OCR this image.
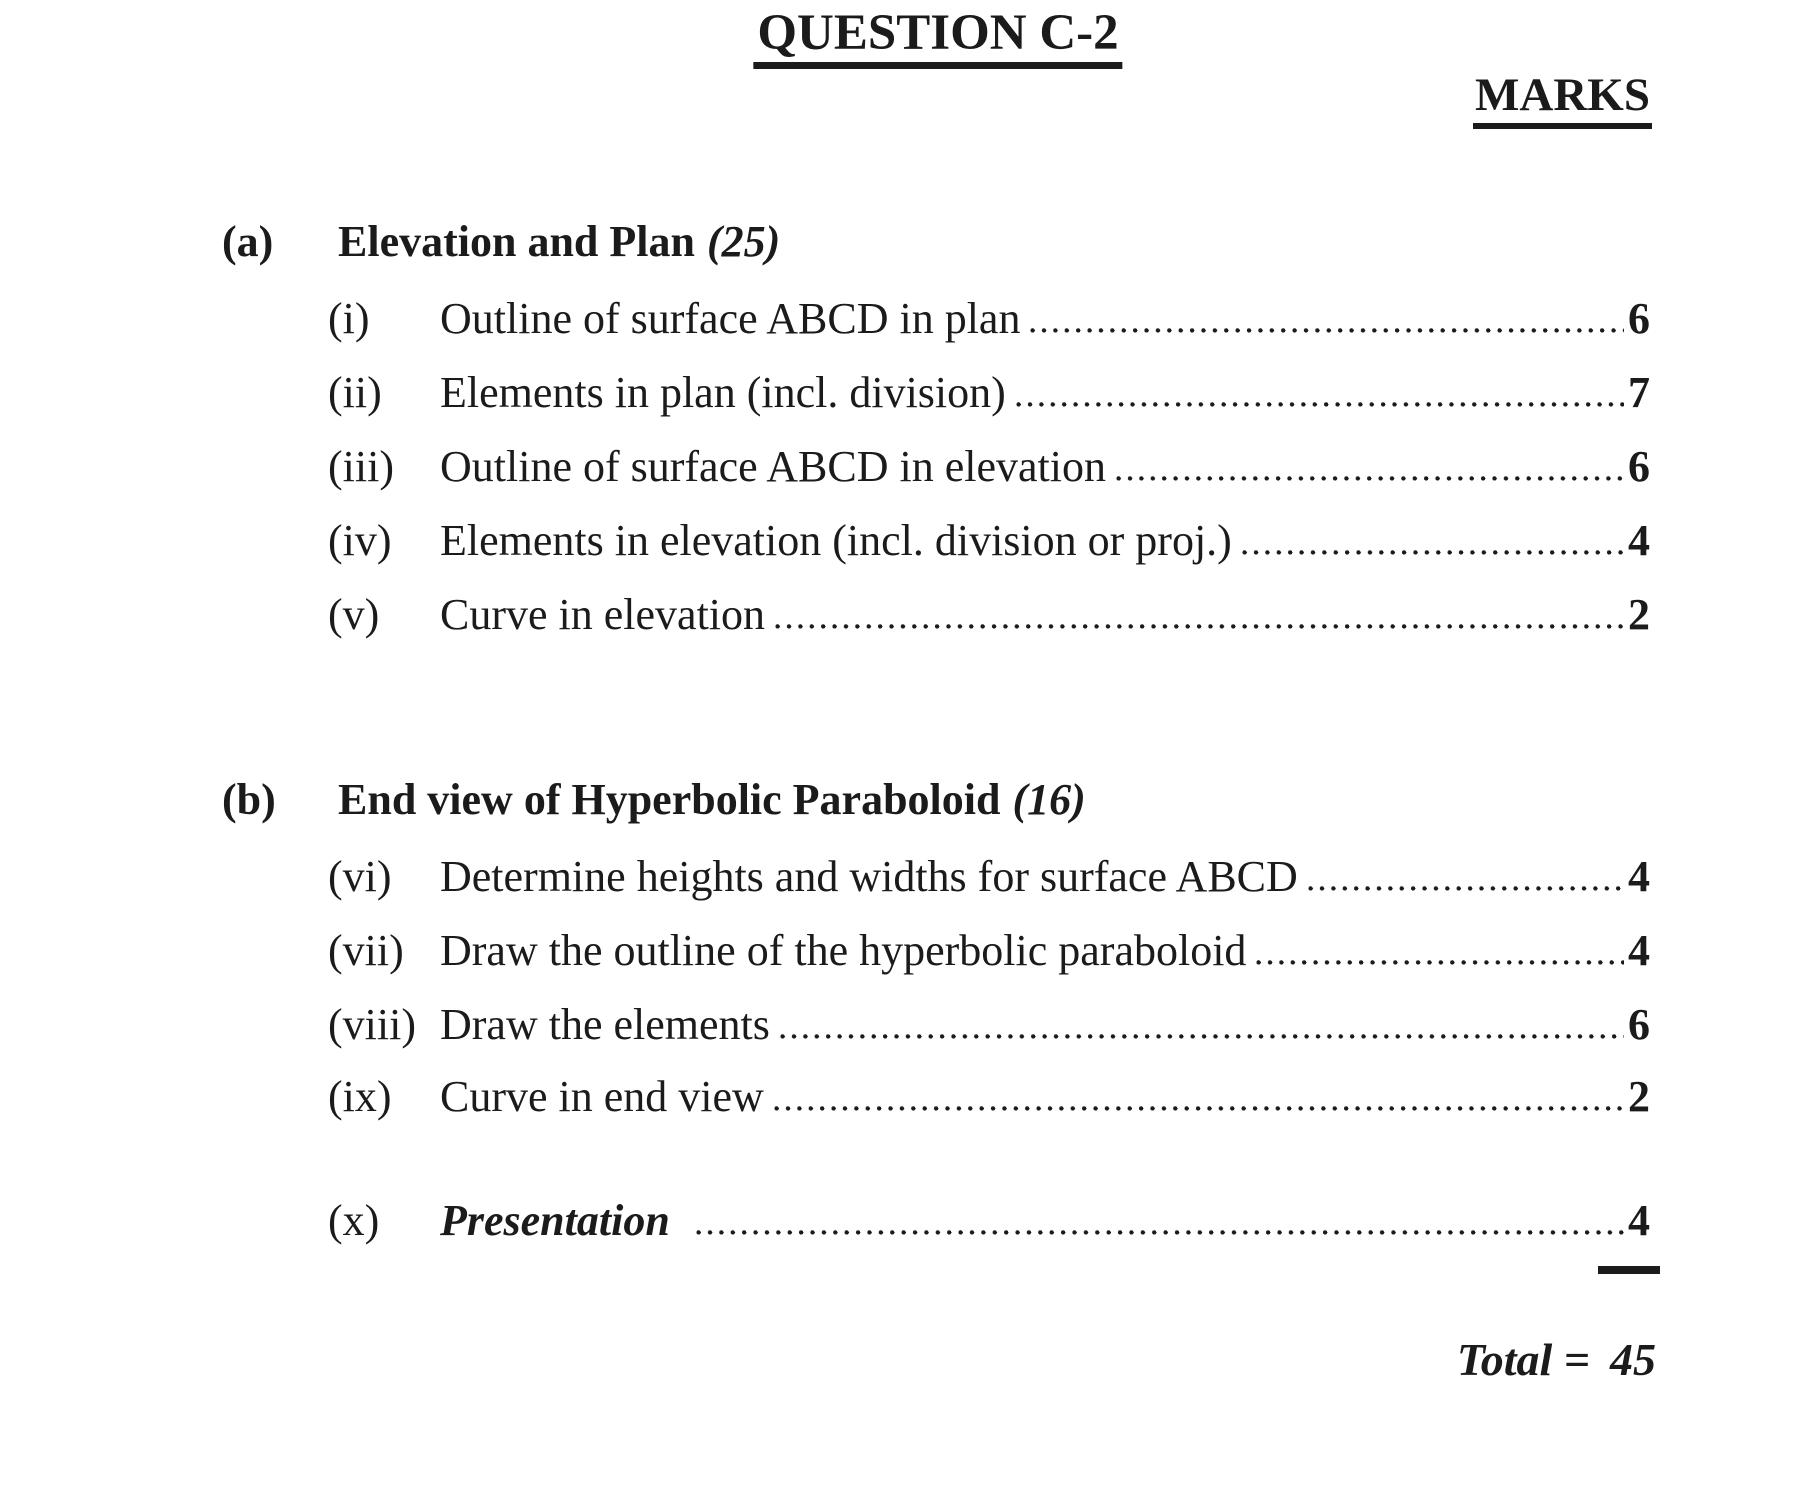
QUESTION C-2
MARKS
(a)	Elevation and Plan (25)
(i)	Outline of surface ABCD in plan	6
(ii)	Elements in plan (incl. division)	7
(iii)	Outline of surface ABCD in elevation	6
(iv)	Elements in elevation (incl. division or proj.)	4
(v)	Curve in elevation	2
(b)	End view of Hyperbolic Paraboloid (16)
(vi)	Determine heights and widths for surface ABCD	4
(vii) Draw the outline of the hyperbolic paraboloid	4
(viii) Draw the elements	6
(ix)	Curve in end view	2
(x)	Presentation	4
Total = 45
